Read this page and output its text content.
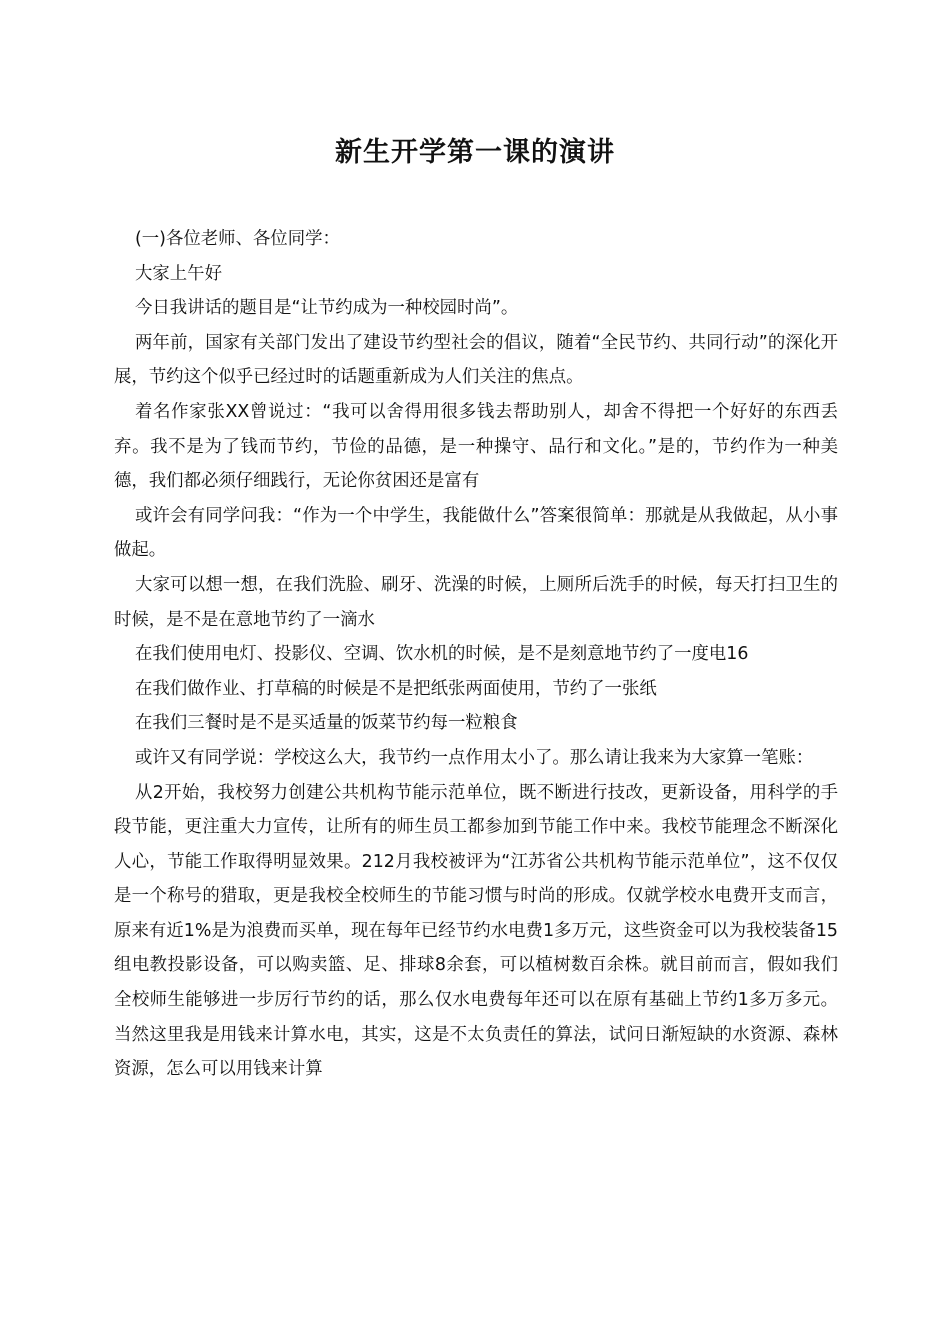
新生开学第一课的演讲

(一)各位老师、各位同学：

大家上午好

今日我讲话的题目是“让节约成为一种校园时尚”。

两年前，国家有关部门发出了建设节约型社会的倡议，随着“全民节约、共同行动”的深化开展，节约这个似乎已经过时的话题重新成为人们关注的焦点。

着名作家张XX曾说过：“我可以舍得用很多钱去帮助别人，却舍不得把一个好好的东西丢弃。我不是为了钱而节约，节俭的品德，是一种操守、品行和文化。”是的，节约作为一种美德，我们都必须仔细践行，无论你贫困还是富有

或许会有同学问我：“作为一个中学生，我能做什么”答案很简单：那就是从我做起，从小事做起。

大家可以想一想，在我们洗脸、刷牙、洗澡的时候，上厕所后洗手的时候，每天打扫卫生的时候，是不是在意地节约了一滴水

在我们使用电灯、投影仪、空调、饮水机的时候，是不是刻意地节约了一度电16

在我们做作业、打草稿的时候是不是把纸张两面使用，节约了一张纸

在我们三餐时是不是买适量的饭菜节约每一粒粮食

或许又有同学说：学校这么大，我节约一点作用太小了。那么请让我来为大家算一笔账：

从2开始，我校努力创建公共机构节能示范单位，既不断进行技改，更新设备，用科学的手段节能，更注重大力宣传，让所有的师生员工都参加到节能工作中来。我校节能理念不断深化人心，节能工作取得明显效果。212月我校被评为“江苏省公共机构节能示范单位”，这不仅仅是一个称号的猎取，更是我校全校师生的节能习惯与时尚的形成。仅就学校水电费开支而言，原来有近1%是为浪费而买单，现在每年已经节约水电费1多万元，这些资金可以为我校装备15组电教投影设备，可以购卖篮、足、排球8余套，可以植树数百余株。就目前而言，假如我们全校师生能够进一步厉行节约的话，那么仅水电费每年还可以在原有基础上节约1多万多元。当然这里我是用钱来计算水电，其实，这是不太负责任的算法，试问日渐短缺的水资源、森林资源，怎么可以用钱来计算
